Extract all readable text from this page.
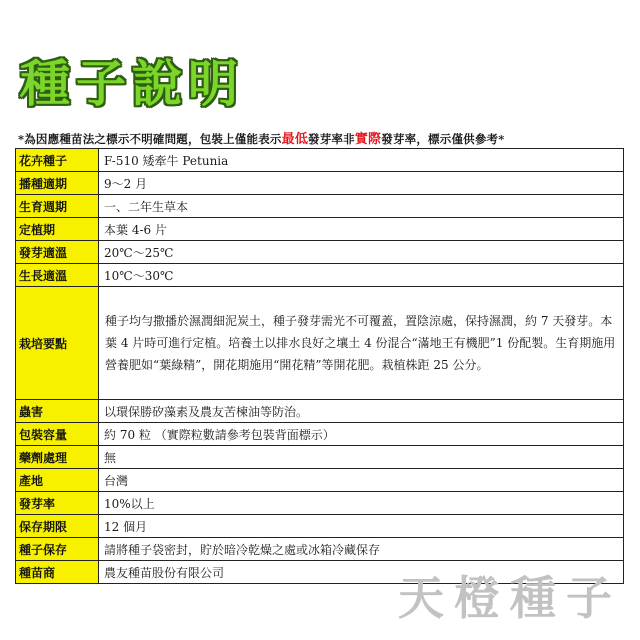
種子說明
*為因應種苗法之標示不明確問題，包裝上僅能表示最低發芽率非實際發芽率，標示僅供參考*
花卉種子	F-510 矮牽牛 Petunia
播種適期	9～2 月
生育週期	一、二年生草本
定植期	本葉 4-6 片
發芽適溫	20℃～25℃
生長適溫	10℃～30℃
栽培要點	種子均勻撒播於濕潤細泥炭土，種子發芽需光不可覆蓋，置陰涼處，保持濕潤，約 7 天發芽。本葉 4 片時可進行定植。培養土以排水良好之壤土 4 份混合“滿地王有機肥”1 份配製。生育期施用營養肥如“葉綠精”，開花期施用“開花精”等開花肥。栽植株距 25 公分。
蟲害	以環保勝矽藻素及農友苦楝油等防治。
包裝容量	約 70 粒 （實際粒數請參考包裝背面標示）
藥劑處理	無
產地	台灣
發芽率	10%以上
保存期限	12 個月
種子保存	請將種子袋密封，貯於暗冷乾燥之處或冰箱冷藏保存
種苗商	農友種苗股份有限公司	天橙種子
